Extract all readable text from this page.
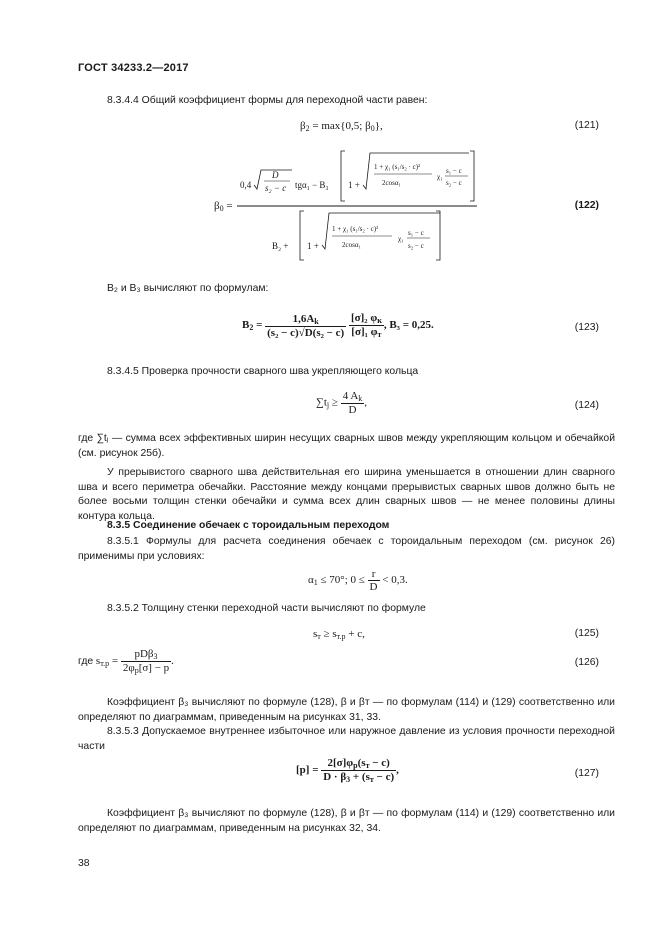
ГОСТ 34233.2—2017
8.3.4.4 Общий коэффициент формы для переходной части равен:
$\beta_2 = \max\{0,5$; $\beta_0$},	(121)
$\beta_0$ =
0,4
D
s₂ − c tgα₁ − B₃ 1 +
1 + χ₁ (s₁/s₂ · c)²
2cosα₁
χ₁
s₁ − c
s₂ − c
B₂ + 1 +
1 + χ₁ (s₁/s₂ · c)²
2cosα₁
χ₁
s₁ − c
s₂ − c
(122)
B₂ и B₃ вычисляют по формулам:
$B_2 = \frac{1,6A_k}{\text{(s₂ − c)√D(s₂ − c)}}$
$\frac{[\sigma]_2 \varphi_к}{[\sigma]_1 \varphi_т}$ , B₃ = 0,25.	(123)
8.3.4.5 Проверка прочности сварного шва укрепляющего кольца
$\sum t_j \ge \frac{4 A_k}{D}$ ,	(124)
где ∑tⱼ — сумма всех эффективных ширин несущих сварных швов между укрепляющим кольцом и обечайкой (см. рисунок 25б).
У прерывистого сварного шва действительная его ширина уменьшается в отношении длин сварного шва и всего периметра обечайки. Расстояние между концами прерывистых сварных швов должно быть не более восьми толщин стенки обечайки и сумма всех длин сварных швов — не менее половины длины контура кольца.
8.3.5 Соединение обечаек с тороидальным переходом
8.3.5.1 Формулы для расчета соединения обечаек с тороидальным переходом (см. рисунок 26) применимы при условиях:
$\alpha_1 \le 70^\circ$; $0 \le \frac{r}{D} < 0,3$.
8.3.5.2 Толщину стенки переходной части вычисляют по формуле
$s_т \ge s_{т.р} + c$,	(125)
где $s_{т.р} = \frac{pD\beta_3}{2\varphi_р[\sigma] - p}$ .	(126)
Коэффициент β₃ вычисляют по формуле (128), β и βт — по формулам (114) и (129) соответственно или определяют по диаграммам, приведенным на рисунках 31, 33.
8.3.5.3 Допускаемое внутреннее избыточное или наружное давление из условия прочности переходной части
$[p] = \frac{2[\sigma]\varphi_р(s_т - c)}{D \cdot \beta_3 + (s_т - c)}$ ,	(127)
Коэффициент β₃ вычисляют по формуле (128), β и βт — по формулам (114) и (129) соответственно или определяют по диаграммам, приведенным на рисунках 32, 34.
38
